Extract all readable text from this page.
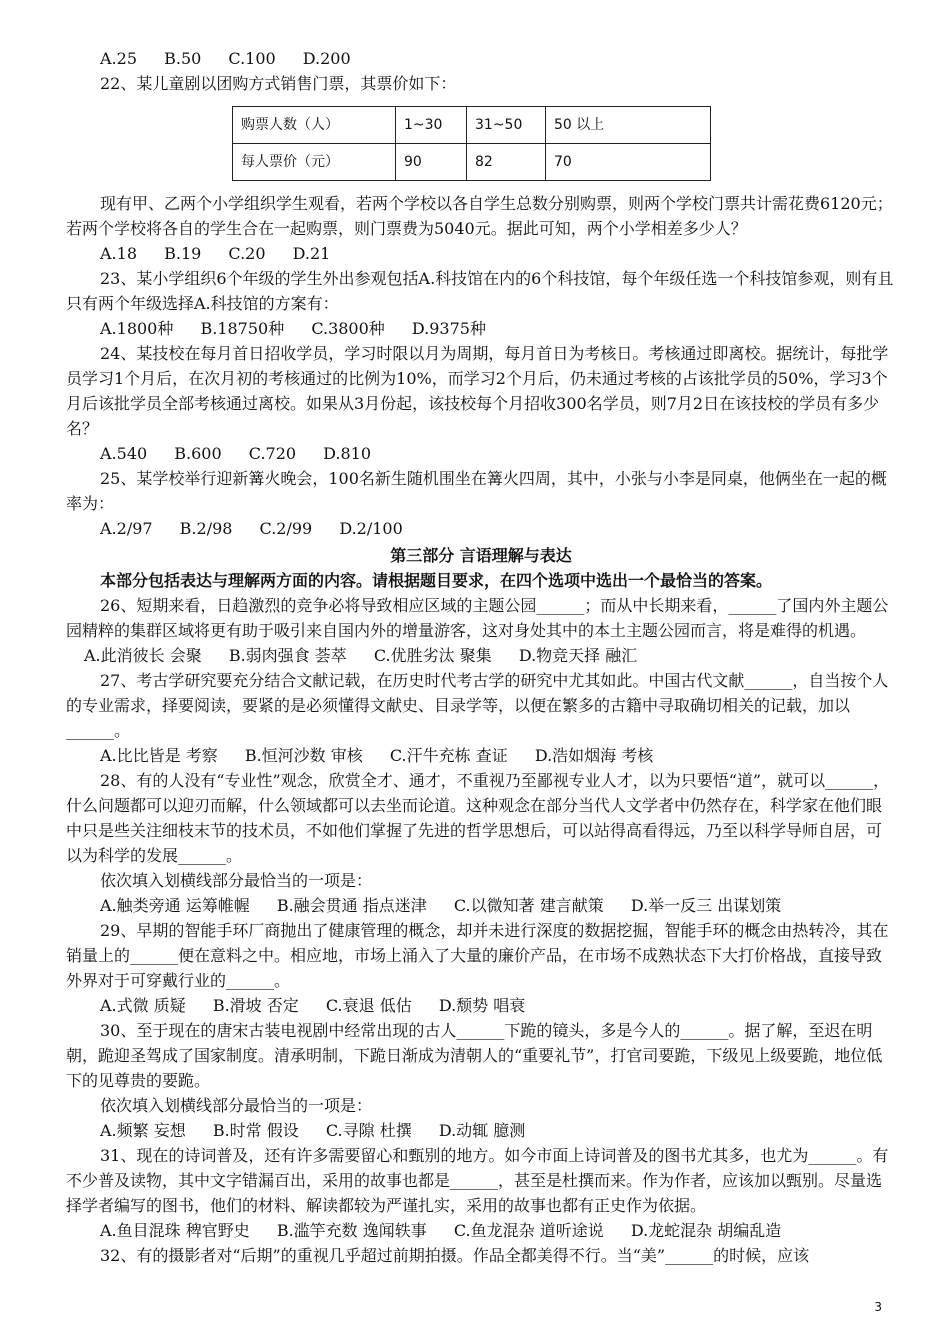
A.25 B.50 C.100 D.200

22、某儿童剧以团购方式销售门票，其票价如下：

购票人数（人）	1~30	31~50	50 以上
每人票价（元）	90	82	70

现有甲、乙两个小学组织学生观看，若两个学校以各自学生总数分别购票，则两个学校门票共计需花费6120元；若两个学校将各自的学生合在一起购票，则门票费为5040元。据此可知，两个小学相差多少人？

A.18 B.19 C.20 D.21

23、某小学组织6个年级的学生外出参观包括A.科技馆在内的6个科技馆，每个年级任选一个科技馆参观，则有且只有两个年级选择A.科技馆的方案有：

A.1800种 B.18750种 C.3800种 D.9375种

24、某技校在每月首日招收学员，学习时限以月为周期，每月首日为考核日。考核通过即离校。据统计，每批学员学习1个月后，在次月初的考核通过的比例为10%，而学习2个月后，仍未通过考核的占该批学员的50%，学习3个月后该批学员全部考核通过离校。如果从3月份起，该技校每个月招收300名学员，则7月2日在该技校的学员有多少名？

A.540 B.600 C.720 D.810

25、某学校举行迎新篝火晚会，100名新生随机围坐在篝火四周，其中，小张与小李是同桌，他俩坐在一起的概率为：

A.2/97 B.2/98 C.2/99 D.2/100

第三部分 言语理解与表达

本部分包括表达与理解两方面的内容。请根据题目要求，在四个选项中选出一个最恰当的答案。

26、短期来看，日趋激烈的竞争必将导致相应区域的主题公园______；而从中长期来看，______了国内外主题公园精粹的集群区域将更有助于吸引来自国内外的增量游客，这对身处其中的本土主题公园而言，将是难得的机遇。

A.此消彼长 会聚 B.弱肉强食 荟萃 C.优胜劣汰 聚集 D.物竞天择 融汇

27、考古学研究要充分结合文献记载，在历史时代考古学的研究中尤其如此。中国古代文献______，自当按个人的专业需求，择要阅读，要紧的是必须懂得文献史、目录学等，以便在繁多的古籍中寻取确切相关的记载，加以______。

A.比比皆是 考察 B.恒河沙数 审核 C.汗牛充栋 查证 D.浩如烟海 考核

28、有的人没有“专业性”观念，欣赏全才、通才，不重视乃至鄙视专业人才，以为只要悟“道”，就可以______，什么问题都可以迎刃而解，什么领域都可以去坐而论道。这种观念在部分当代人文学者中仍然存在，科学家在他们眼中只是些关注细枝末节的技术员，不如他们掌握了先进的哲学思想后，可以站得高看得远，乃至以科学导师自居，可以为科学的发展______。

依次填入划横线部分最恰当的一项是：

A.触类旁通 运筹帷幄 B.融会贯通 指点迷津 C.以微知著 建言献策 D.举一反三 出谋划策

29、早期的智能手环厂商抛出了健康管理的概念，却并未进行深度的数据挖掘，智能手环的概念由热转冷，其在销量上的______便在意料之中。相应地，市场上涌入了大量的廉价产品，在市场不成熟状态下大打价格战，直接导致外界对于可穿戴行业的______。

A.式微 质疑 B.滑坡 否定 C.衰退 低估 D.颓势 唱衰

30、至于现在的唐宋古装电视剧中经常出现的古人______下跪的镜头，多是今人的______。据了解，至迟在明朝，跪迎圣驾成了国家制度。清承明制，下跪日渐成为清朝人的“重要礼节”，打官司要跪，下级见上级要跪，地位低下的见尊贵的要跪。

依次填入划横线部分最恰当的一项是：

A.频繁 妄想 B.时常 假设 C.寻隙 杜撰 D.动辄 臆测

31、现在的诗词普及，还有许多需要留心和甄别的地方。如今市面上诗词普及的图书尤其多，也尤为______。有不少普及读物，其中文字错漏百出，采用的故事也都是______，甚至是杜撰而来。作为作者，应该加以甄别。尽量选择学者编写的图书，他们的材料、解读都较为严谨扎实，采用的故事也都有正史作为依据。

A.鱼目混珠 稗官野史 B.滥竽充数 逸闻轶事 C.鱼龙混杂 道听途说 D.龙蛇混杂 胡编乱造

32、有的摄影者对“后期”的重视几乎超过前期拍摄。作品全都美得不行。当“美”______的时候，应该

3
